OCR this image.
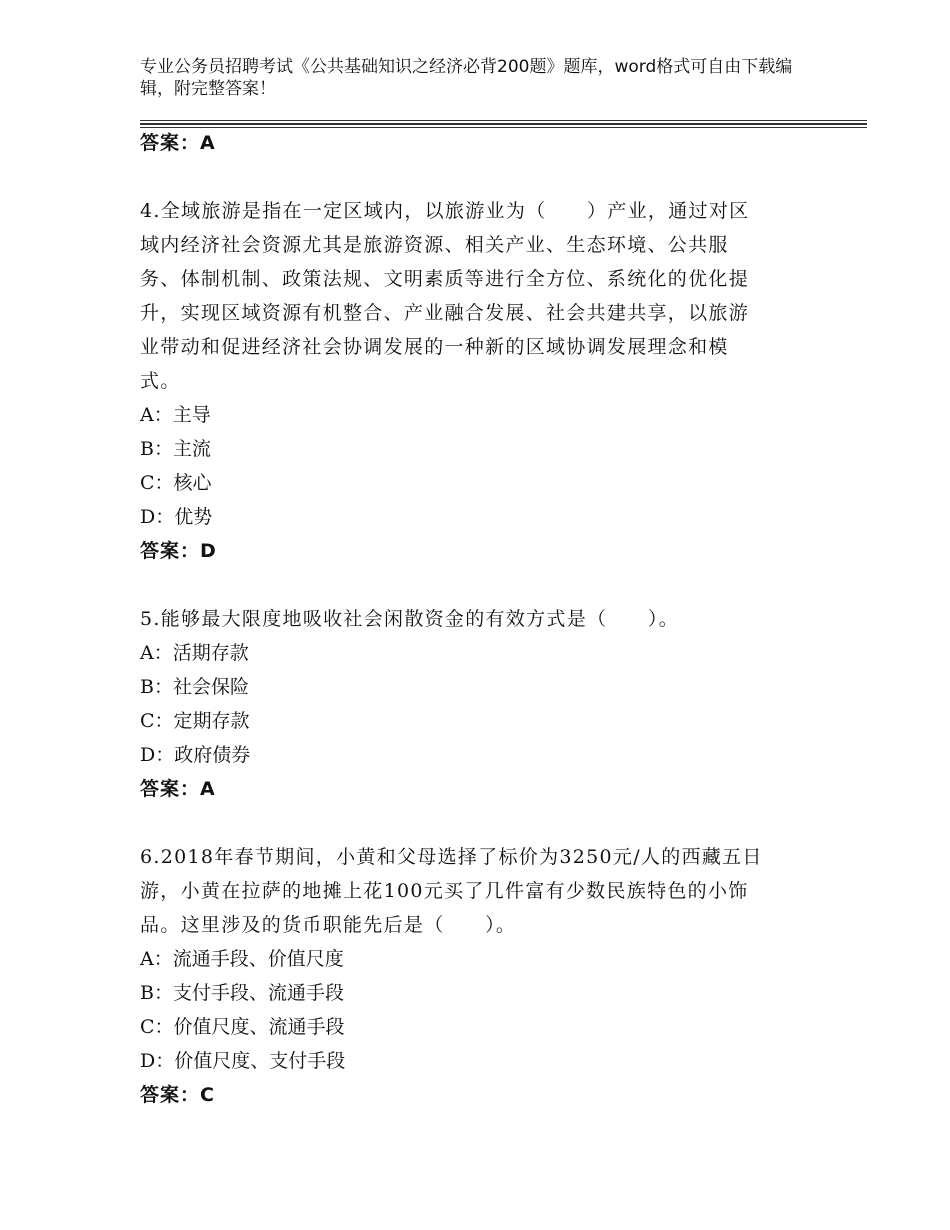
专业公务员招聘考试《公共基础知识之经济必背200题》题库，word格式可自由下载编辑，附完整答案！
答案：A
4.全域旅游是指在一定区域内，以旅游业为（　　）产业，通过对区
域内经济社会资源尤其是旅游资源、相关产业、生态环境、公共服
务、体制机制、政策法规、文明素质等进行全方位、系统化的优化提
升，实现区域资源有机整合、产业融合发展、社会共建共享，以旅游
业带动和促进经济社会协调发展的一种新的区域协调发展理念和模
式。
A：主导
B：主流
C：核心
D：优势
答案：D
5.能够最大限度地吸收社会闲散资金的有效方式是（　　）。
A：活期存款
B：社会保险
C：定期存款
D：政府债券
答案：A
6.2018年春节期间，小黄和父母选择了标价为3250元/人的西藏五日
游，小黄在拉萨的地摊上花100元买了几件富有少数民族特色的小饰
品。这里涉及的货币职能先后是（　　）。
A：流通手段、价值尺度
B：支付手段、流通手段
C：价值尺度、流通手段
D：价值尺度、支付手段
答案：C
